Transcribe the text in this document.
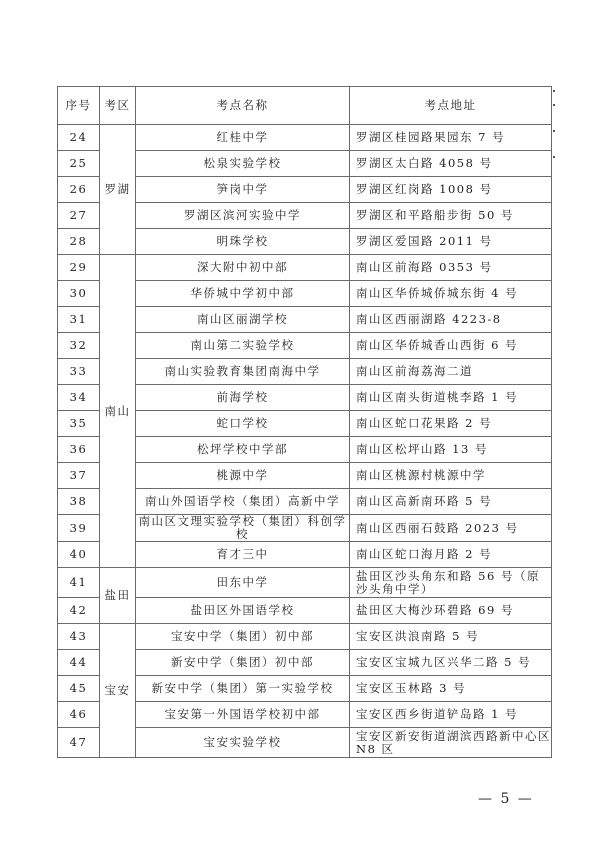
序号	考区	考点名称	考点地址
24	罗湖	红桂中学	罗湖区桂园路果园东 7 号
25		松泉实验学校	罗湖区太白路 4058 号
26		笋岗中学	罗湖区红岗路 1008 号
27		罗湖区滨河实验中学	罗湖区和平路船步街 50 号
28		明珠学校	罗湖区爱国路 2011 号
29	南山	深大附中初中部	南山区前海路 0353 号
30		华侨城中学初中部	南山区华侨城侨城东街 4 号
31		南山区丽湖学校	南山区西丽湖路 4223-8
32		南山第二实验学校	南山区华侨城香山西街 6 号
33		南山实验教育集团南海中学	南山区前海荔海二道
34		前海学校	南山区南头街道桃李路 1 号
35		蛇口学校	南山区蛇口花果路 2 号
36		松坪学校中学部	南山区松坪山路 13 号
37		桃源中学	南山区桃源村桃源中学
38		南山外国语学校（集团）高新中学	南山区高新南环路 5 号
39		南山区文理实验学校（集团）科创学校	南山区西丽石鼓路 2023 号
40		育才三中	南山区蛇口海月路 2 号
41	盐田	田东中学	盐田区沙头角东和路 56 号（原沙头角中学）
42		盐田区外国语学校	盐田区大梅沙环碧路 69 号
43	宝安	宝安中学（集团）初中部	宝安区洪浪南路 5 号
44		新安中学（集团）初中部	宝安区宝城九区兴华二路 5 号
45		新安中学（集团）第一实验学校	宝安区玉林路 3 号
46		宝安第一外国语学校初中部	宝安区西乡街道铲岛路 1 号
47		宝安实验学校	宝安区新安街道湖滨西路新中心区 N8 区
— 5 —
